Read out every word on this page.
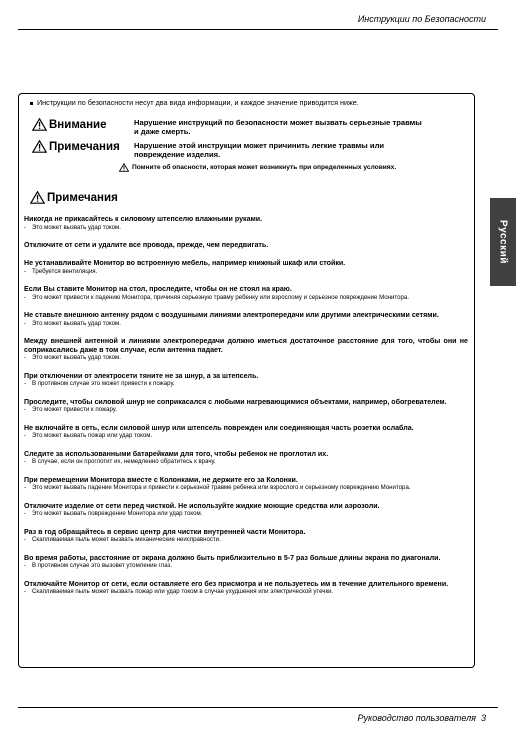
Инструкции по Безопасности
Инструкции по безопасности несут два вида информации, и каждое значение приводится ниже.
Внимание	Нарушение инструкций по безопасности может вызвать серьезные травмы и даже смерть.
Примечания Нарушение этой инструкции может причинить легкие травмы или повреждение изделия.
Помните об опасности, которая может возникнуть при определенных условиях.
Примечания
Никогда не прикасайтесь к силовому штепселю влажными руками.
- Это может вызвать удар током.
Отключите от сети и удалите все провода, прежде, чем передвигать.
Не устанавливайте Монитор во встроенную мебель, например книжный шкаф или стойки.
- Требуется вентиляция.
Если Вы ставите Монитор на стол, проследите, чтобы он не стоял на краю.
- Это может привести к падению Монитора, причиняя серьезную травму ребенку или взрослому и серьезное повреждение Монитора.
Не ставьте внешнюю антенну рядом с воздушными линиями электропередачи или другими электрическими сетями.
- Это может вызвать удар током.
Между внешней антенной и линиями электропередачи должно иметься достаточное расстояние для того, чтобы они не соприкасались даже в том случае, если антенна падает.
- Это может вызвать удар током.
При отключении от электросети тяните не за шнур, а за штепсель.
- В противном случае это может привести к пожару.
Проследите, чтобы силовой шнур не соприкасался с любыми нагревающимися объектами, например, обогревателем.
- Это может привести к пожару.
Не включайте в сеть, если силовой шнур или штепсель поврежден или соединяющая часть розетки ослабла.
- Это может вызвать пожар или удар током.
Следите за использованными батарейками для того, чтобы ребенок не проглотил их.
- В случае, если он проглотит их, немедленно обратитесь к врачу.
При перемещении Монитора вместе с Колонками, не держите его за Колонки.
- Это может вызвать падение Монитора и привести к серьезной травме ребенка или взрослого и серьезному повреждению Монитора.
Отключите изделие от сети перед чисткой. Не используйте жидкие моющие средства или аэрозоли.
- Это может вызвать повреждение Монитора или удар током.
Раз в год обращайтесь в сервис центр для чистки внутренней части Монитора.
- Скапливаемая пыль может вызвать механические неисправности.
Во время работы, расстояние от экрана должно быть приблизительно в 5-7 раз больше длины экрана по диагонали.
- В противном случае это вызовет утомление глаз.
Отключайте Монитор от сети, если оставляете его без присмотра и не пользуетесь им в течение длительного времени.
- Скапливаемая пыль может вызвать пожар или удар током в случае ухудшения или электрической утечки.
Русский
Руководство пользователя 3
